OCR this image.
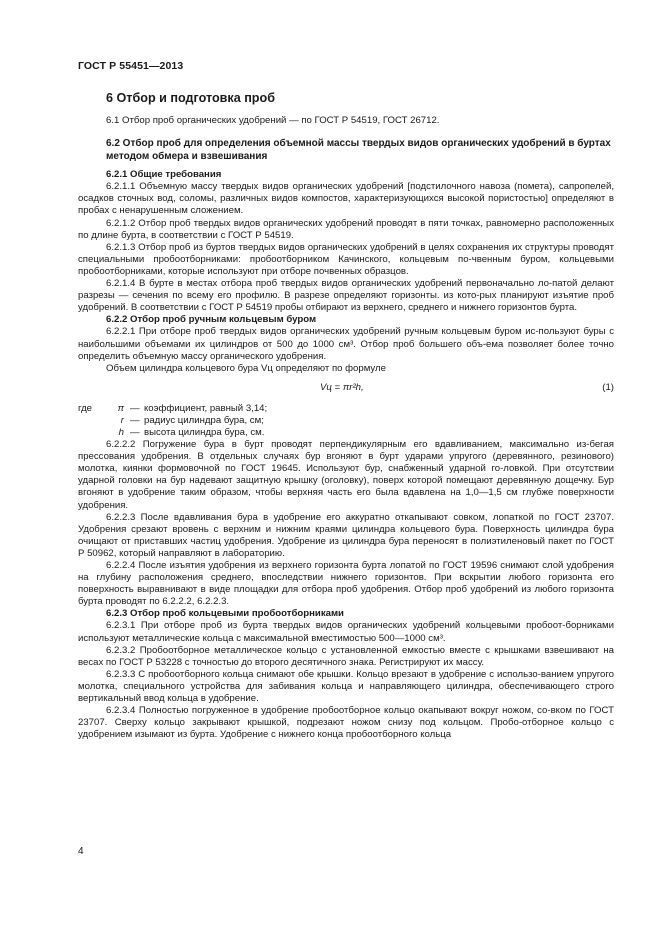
ГОСТ Р 55451—2013
6 Отбор и подготовка проб

6.1 Отбор проб органических удобрений — по ГОСТ Р 54519, ГОСТ 26712.

6.2 Отбор проб для определения объемной массы твердых видов органических удобрений в буртах методом обмера и взвешивания

6.2.1 Общие требования

6.2.1.1 Объемную массу твердых видов органических удобрений [подстилочного навоза (помета), сапропелей, осадков сточных вод, соломы, различных видов компостов, характеризующихся высокой пористостью] определяют в пробах с ненарушенным сложением.

6.2.1.2 Отбор проб твердых видов органических удобрений проводят в пяти точках, равномерно расположенных по длине бурта, в соответствии с ГОСТ Р 54519.

6.2.1.3 Отбор проб из буртов твердых видов органических удобрений в целях сохранения их структуры проводят специальными пробоотборниками: пробоотборником Качинского, кольцевым по-чвенным буром, кольцевыми пробоотборниками, которые используют при отборе почвенных образцов.

6.2.1.4 В бурте в местах отбора проб твердых видов органических удобрений первоначально ло-патой делают разрезы — сечения по всему его профилю. В разрезе определяют горизонты. из кото-рых планируют изъятие проб удобрений. В соответствии с ГОСТ Р 54519 пробы отбирают из верхнего, среднего и нижнего горизонтов бурта.

6.2.2 Отбор проб ручным кольцевым буром

6.2.2.1 При отборе проб твердых видов органических удобрений ручным кольцевым буром ис-пользуют буры с наибольшими объемами их цилиндров от 500 до 1000 см³. Отбор проб большего объ-ема позволяет более точно определить объемную массу органического удобрения.

Объем цилиндра кольцевого бура Vц определяют по формуле

Vц = πr²h,	(1)
где	π — коэффициент, равный 3,14;
r — радиус цилиндра бура, см;
h — высота цилиндра бура, см.

6.2.2.2 Погружение бура в бурт проводят перпендикулярным его вдавливанием, максимально из-бегая прессования удобрения. В отдельных случаях бур вгоняют в бурт ударами упругого (деревянного, резинового) молотка, киянки формовочной по ГОСТ 19645. Используют бур, снабженный ударной го-ловкой. При отсутствии ударной головки на бур надевают защитную крышку (оголовку), поверх которой помещают деревянную дощечку. Бур вгоняют в удобрение таким образом, чтобы верхняя часть его была вдавлена на 1,0—1,5 см глубже поверхности удобрения.

6.2.2.3 После вдавливания бура в удобрение его аккуратно откапывают совком, лопаткой по ГОСТ 23707. Удобрения срезают вровень с верхним и нижним краями цилиндра кольцевого бура. Поверхность цилиндра бура очищают от приставших частиц удобрения. Удобрение из цилиндра бура переносят в полиэтиленовый пакет по ГОСТ Р 50962, который направляют в лабораторию.

6.2.2.4 После изъятия удобрения из верхнего горизонта бурта лопатой по ГОСТ 19596 снимают слой удобрения на глубину расположения среднего, впоследствии нижнего горизонтов. При вскрытии любого горизонта его поверхность выравнивают в виде площадки для отбора проб удобрения. Отбор проб удобрений из любого горизонта бурта проводят по 6.2.2.2, 6.2.2.3.

6.2.3 Отбор проб кольцевыми пробоотборниками

6.2.3.1 При отборе проб из бурта твердых видов органических удобрений кольцевыми пробоот-борниками используют металлические кольца с максимальной вместимостью 500—1000 см³.

6.2.3.2 Пробоотборное металлическое кольцо с установленной емкостью вместе с крышками взвешивают на весах по ГОСТ Р 53228 с точностью до второго десятичного знака. Регистрируют их массу.

6.2.3.3 С пробоотборного кольца снимают обе крышки. Кольцо врезают в удобрение с использо-ванием упругого молотка, специального устройства для забивания кольца и направляющего цилиндра, обеспечивающего строго вертикальный ввод кольца в удобрение.

6.2.3.4 Полностью погруженное в удобрение пробоотборное кольцо окапывают вокруг ножом, со-вком по ГОСТ 23707. Сверху кольцо закрывают крышкой, подрезают ножом снизу под кольцом. Пробо-отборное кольцо с удобрением изымают из бурта. Удобрение с нижнего конца пробоотборного кольца

4
